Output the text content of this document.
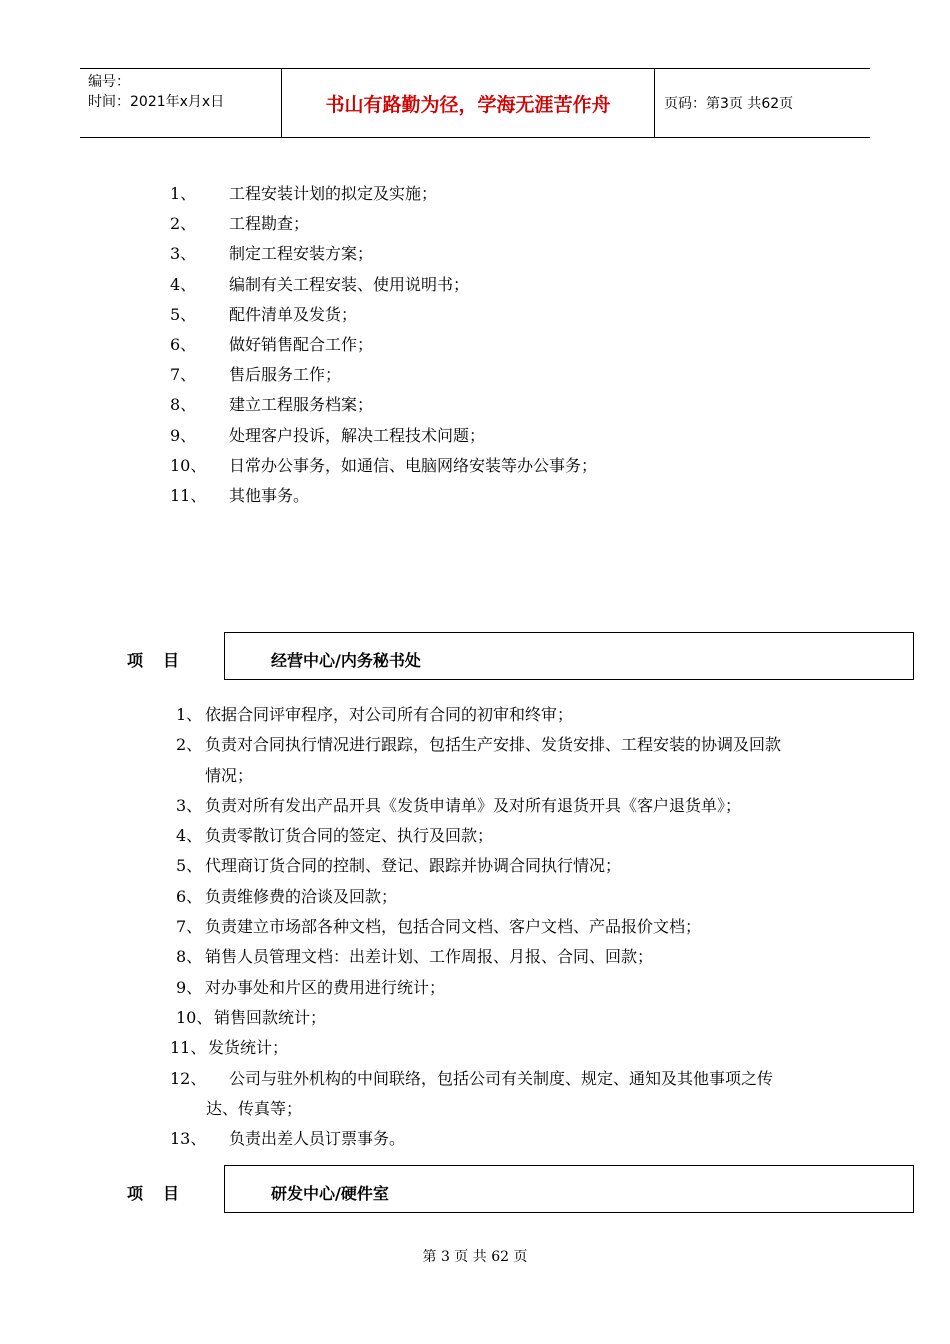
编号：
时间：2021年x月x日	书山有路勤为径，学海无涯苦作舟	页码：第3页 共62页
1、	工程安装计划的拟定及实施；
2、	工程勘查；
3、	制定工程安装方案；
4、	编制有关工程安装、使用说明书；
5、	配件清单及发货；
6、	做好销售配合工作；
7、	售后服务工作；
8、	建立工程服务档案；
9、	处理客户投诉，解决工程技术问题；
10、	日常办公事务，如通信、电脑网络安装等办公事务；
11、	其他事务。
项目	经营中心/内务秘书处
1、 依据合同评审程序，对公司所有合同的初审和终审；
2、 负责对合同执行情况进行跟踪，包括生产安排、发货安排、工程安装的协调及回款
情况；
3、 负责对所有发出产品开具《发货申请单》及对所有退货开具《客户退货单》；
4、 负责零散订货合同的签定、执行及回款；
5、 代理商订货合同的控制、登记、跟踪并协调合同执行情况；
6、 负责维修费的洽谈及回款；
7、 负责建立市场部各种文档，包括合同文档、客户文档、产品报价文档；
8、 销售人员管理文档：出差计划、工作周报、月报、合同、回款；
9、 对办事处和片区的费用进行统计；
10、 销售回款统计；
11、 发货统计；
12、 公司与驻外机构的中间联络，包括公司有关制度、规定、通知及其他事项之传
达、传真等；
13、 负责出差人员订票事务。
项目	研发中心/硬件室
第 3 页 共 62 页
